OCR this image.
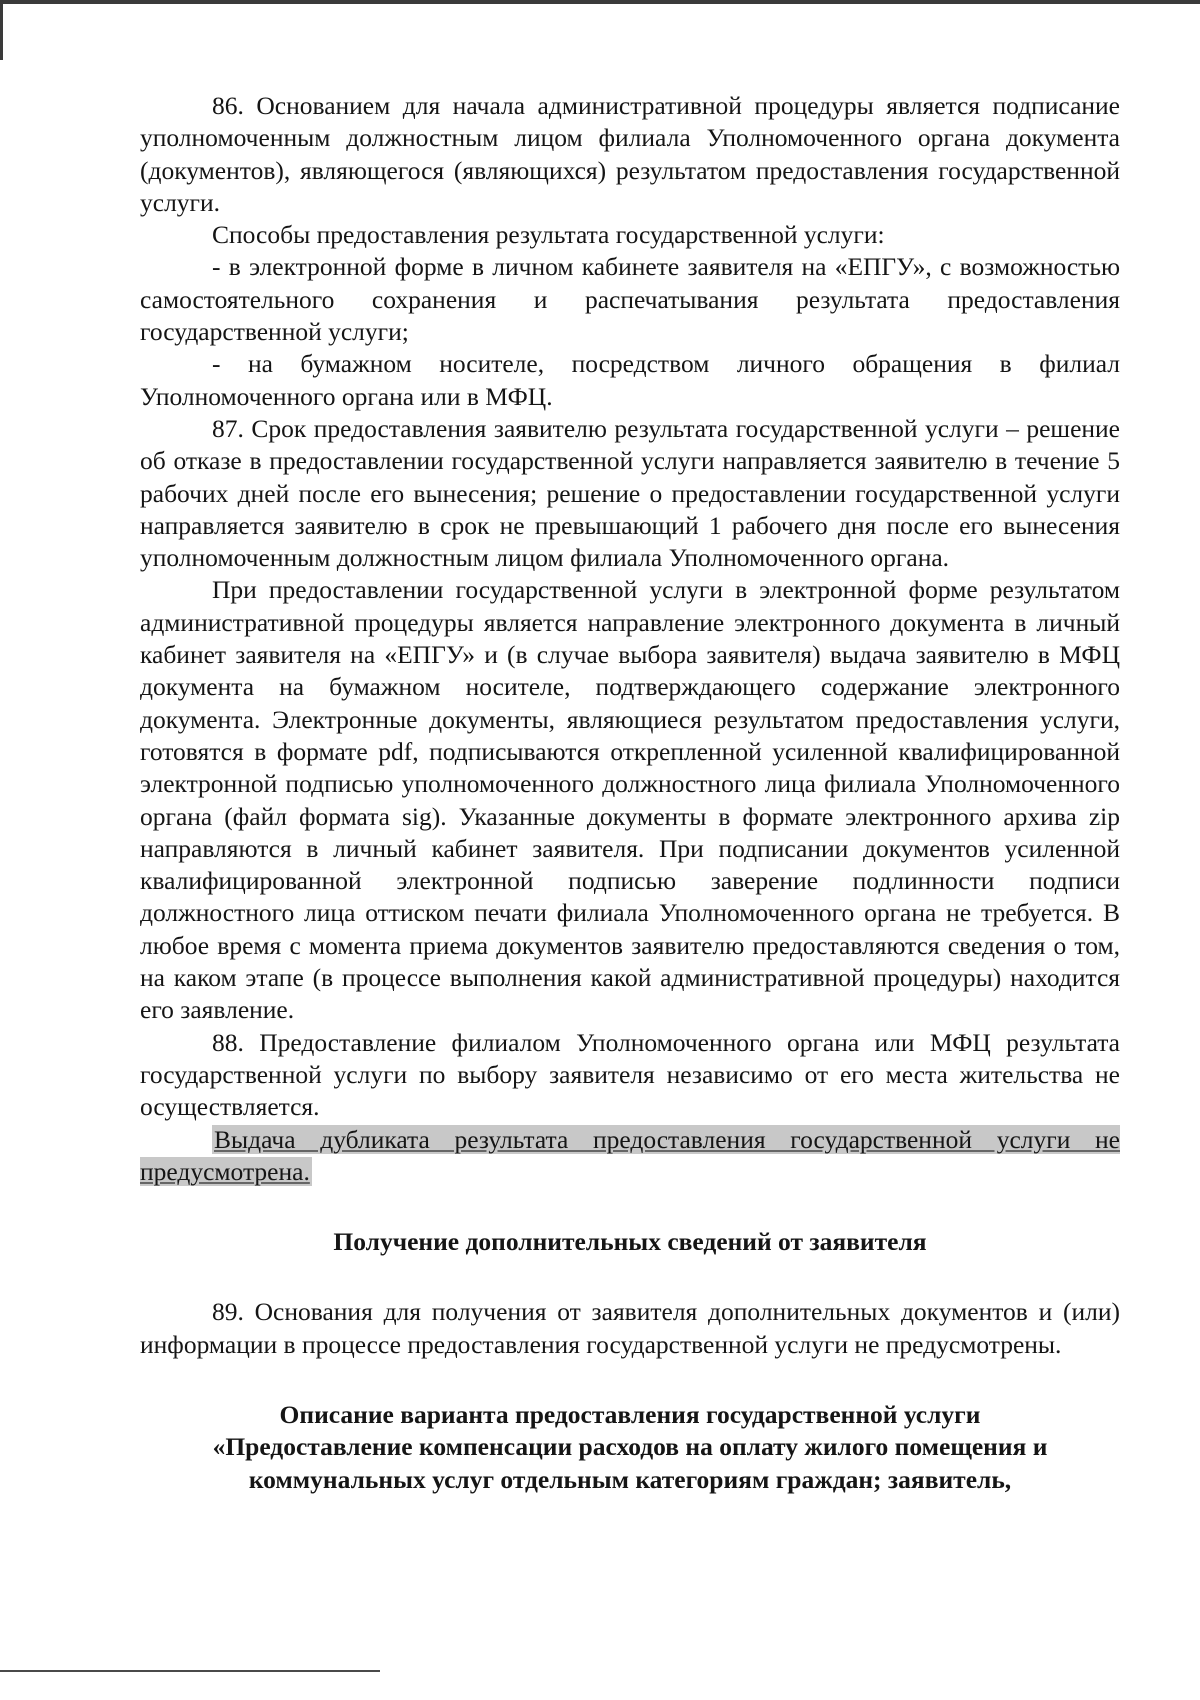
86. Основанием для начала административной процедуры является подписание уполномоченным должностным лицом филиала Уполномоченного органа документа (документов), являющегося (являющихся) результатом предоставления государственной услуги.

Способы предоставления результата государственной услуги:

- в электронной форме в личном кабинете заявителя на «ЕПГУ», с возможностью самостоятельного сохранения и распечатывания результата предоставления государственной услуги;

- на бумажном носителе, посредством личного обращения в филиал Уполномоченного органа или в МФЦ.

87. Срок предоставления заявителю результата государственной услуги – решение об отказе в предоставлении государственной услуги направляется заявителю в течение 5 рабочих дней после его вынесения; решение о предоставлении государственной услуги направляется заявителю в срок не превышающий 1 рабочего дня после его вынесения уполномоченным должностным лицом филиала Уполномоченного органа.

При предоставлении государственной услуги в электронной форме результатом административной процедуры является направление электронного документа в личный кабинет заявителя на «ЕПГУ» и (в случае выбора заявителя) выдача заявителю в МФЦ документа на бумажном носителе, подтверждающего содержание электронного документа. Электронные документы, являющиеся результатом предоставления услуги, готовятся в формате pdf, подписываются открепленной усиленной квалифицированной электронной подписью уполномоченного должностного лица филиала Уполномоченного органа (файл формата sig). Указанные документы в формате электронного архива zip направляются в личный кабинет заявителя. При подписании документов усиленной квалифицированной электронной подписью заверение подлинности подписи должностного лица оттиском печати филиала Уполномоченного органа не требуется. В любое время с момента приема документов заявителю предоставляются сведения о том, на каком этапе (в процессе выполнения какой административной процедуры) находится его заявление.

88. Предоставление филиалом Уполномоченного органа или МФЦ результата государственной услуги по выбору заявителя независимо от его места жительства не осуществляется.

Выдача дубликата результата предоставления государственной услуги не предусмотрена.

Получение дополнительных сведений от заявителя

89. Основания для получения от заявителя дополнительных документов и (или) информации в процессе предоставления государственной услуги не предусмотрены.

Описание варианта предоставления государственной услуги
«Предоставление компенсации расходов на оплату жилого помещения и
коммунальных услуг отдельным категориям граждан; заявитель,
